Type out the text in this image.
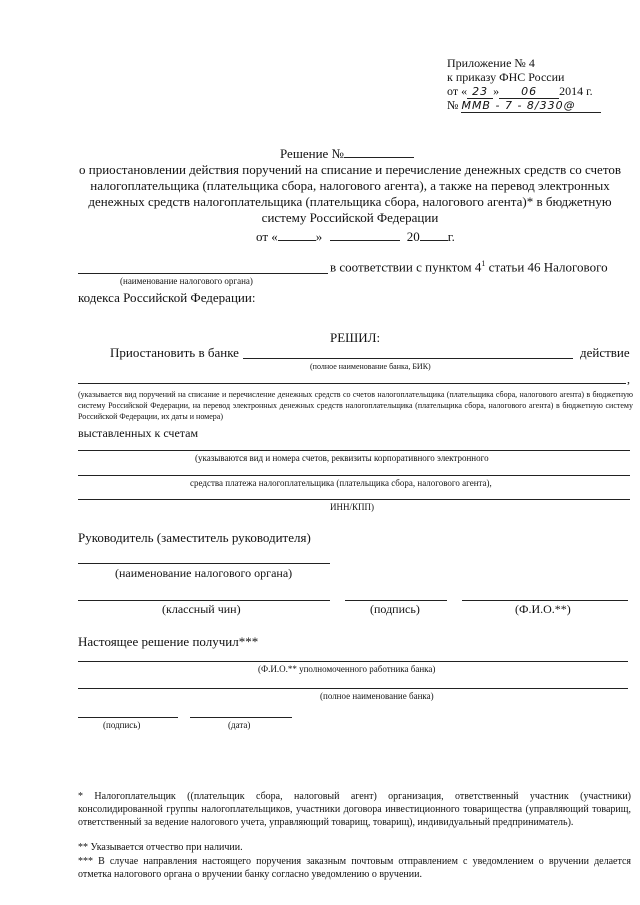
Приложение № 4
к приказу ФНС России
от « 23 » 06 2014 г.
№ ММВ - 7 - 8/330@
Решение №
о приостановлении действия поручений на списание и перечисление денежных средств со счетов
налогоплательщика (плательщика сбора, налогового агента), а также на перевод электронных
денежных средств налогоплательщика (плательщика сбора, налогового агента)* в бюджетную
систему Российской Федерации
от «	»	20 г.
в соответствии с пунктом $4^1$ статьи 46 Налогового
(наименование налогового органа)
кодекса Российской Федерации:
РЕШИЛ:
Приостановить в банке	действие
(полное наименование банка, БИК)
,
(указывается вид поручений на списание и перечисление денежных средств со счетов налогоплательщика (плательщика сбора, налогового агента) в бюджетную систему Российской Федерации, на перевод электронных денежных средств налогоплательщика (плательщика сбора, налогового агента) в бюджетную систему Российской Федерации, их даты и номера)
выставленных к счетам
(указываются вид и номера счетов, реквизиты корпоративного электронного
средства платежа налогоплательщика (плательщика сбора, налогового агента),
ИНН/КПП)
Руководитель (заместитель руководителя)
(наименование налогового органа)
(классный чин)	(подпись)	(Ф.И.О.**)
Настоящее решение получил***
(Ф.И.О.** уполномоченного работника банка)
(полное наименование банка)
(подпись)	(дата)
* Налогоплательщик ((плательщик сбора, налоговый агент) организация, ответственный участник (участники) консолидированной группы налогоплательщиков, участники договора инвестиционного товарищества (управляющий товарищ, ответственный за ведение налогового учета, управляющий товарищ, товарищ), индивидуальный предприниматель).
** Указывается отчество при наличии.
*** В случае направления настоящего поручения заказным почтовым отправлением с уведомлением о вручении делается отметка налогового органа о вручении банку согласно уведомлению о вручении.
